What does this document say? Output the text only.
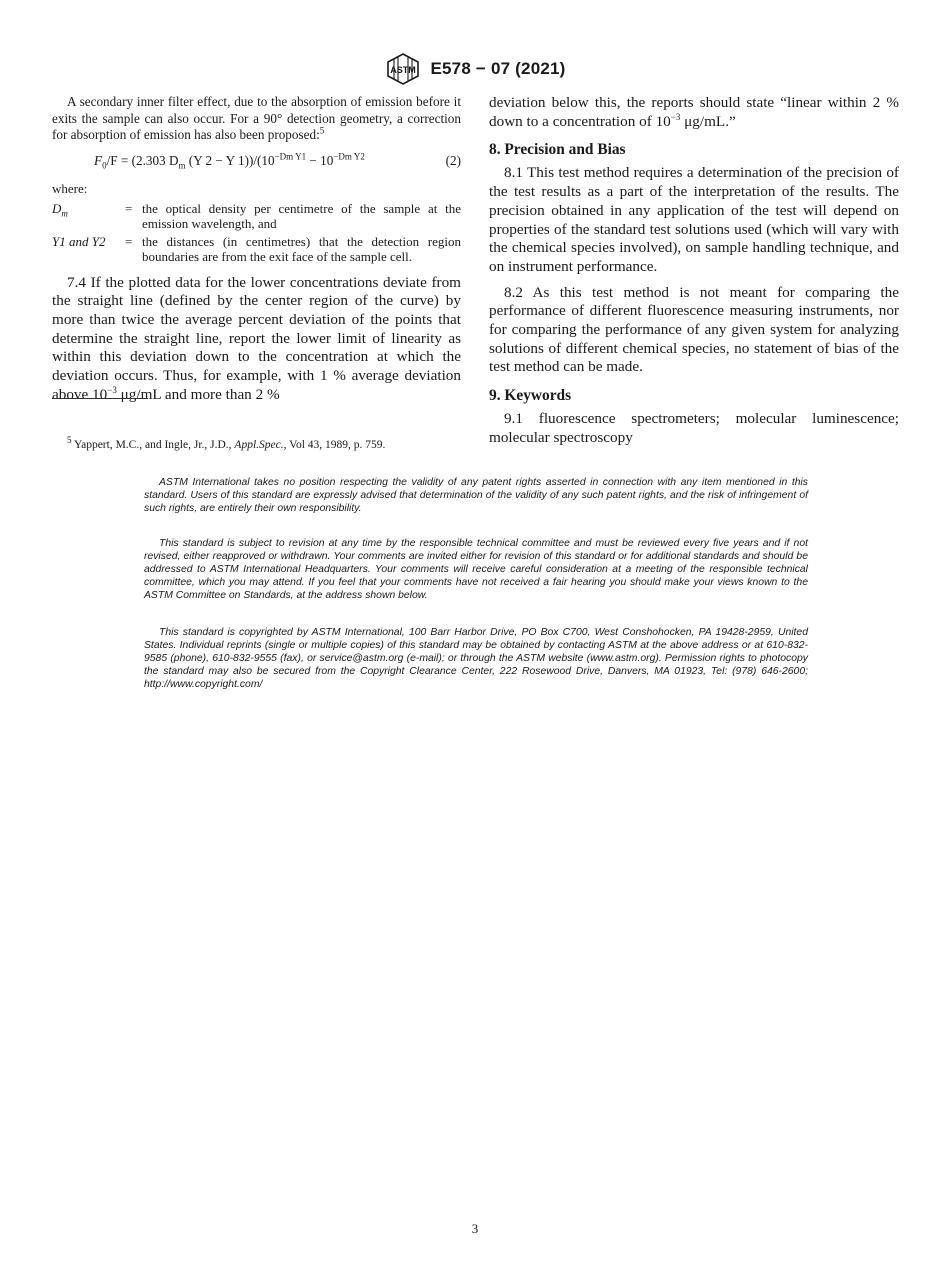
ASTM E578 − 07 (2021)

A secondary inner filter effect, due to the absorption of emission before it exits the sample can also occur. For a 90° detection geometry, a correction for absorption of emission has also been proposed:$^5$

$F_0/F = (2.303$ $D_m$ (Y 2 − Y $1))/(10^{-Dm Y1} - 10^{-Dm Y2}$	(2)

where:

$D_m$	=	the optical density per centimetre of the sample at the emission wavelength, and
Y1 and Y2	=	the distances (in centimetres) that the detection region boundaries are from the exit face of the sample cell.

7.4 If the plotted data for the lower concentrations deviate from the straight line (defined by the center region of the curve) by more than twice the average percent deviation of the points that determine the straight line, report the lower limit of linearity as within this deviation down to the concentration at which the deviation occurs. Thus, for example, with 1 % average deviation above $10^{-3}$ μg/mL and more than 2 %

$^5$ Yappert, M.C., and Ingle, Jr., J.D., Appl.Spec., Vol 43, 1989, p. 759.

deviation below this, the reports should state “linear within 2 % down to a concentration of $10^{-3}$ μg/mL.”

8. Precision and Bias

8.1 This test method requires a determination of the precision of the test results as a part of the interpretation of the results. The precision obtained in any application of the test will depend on properties of the standard test solutions used (which will vary with the chemical species involved), on sample handling technique, and on instrument performance.

8.2 As this test method is not meant for comparing the performance of different fluorescence measuring instruments, nor for comparing the performance of any given system for analyzing solutions of different chemical species, no statement of bias of the test method can be made.

9. Keywords

9.1 fluorescence spectrometers; molecular luminescence; molecular spectroscopy

ASTM International takes no position respecting the validity of any patent rights asserted in connection with any item mentioned in this standard. Users of this standard are expressly advised that determination of the validity of any such patent rights, and the risk of infringement of such rights, are entirely their own responsibility.

This standard is subject to revision at any time by the responsible technical committee and must be reviewed every five years and if not revised, either reapproved or withdrawn. Your comments are invited either for revision of this standard or for additional standards and should be addressed to ASTM International Headquarters. Your comments will receive careful consideration at a meeting of the responsible technical committee, which you may attend. If you feel that your comments have not received a fair hearing you should make your views known to the ASTM Committee on Standards, at the address shown below.

This standard is copyrighted by ASTM International, 100 Barr Harbor Drive, PO Box C700, West Conshohocken, PA 19428-2959, United States. Individual reprints (single or multiple copies) of this standard may be obtained by contacting ASTM at the above address or at 610-832-9585 (phone), 610-832-9555 (fax), or service@astm.org (e-mail); or through the ASTM website (www.astm.org). Permission rights to photocopy the standard may also be secured from the Copyright Clearance Center, 222 Rosewood Drive, Danvers, MA 01923, Tel: (978) 646-2600; http://www.copyright.com/

3
